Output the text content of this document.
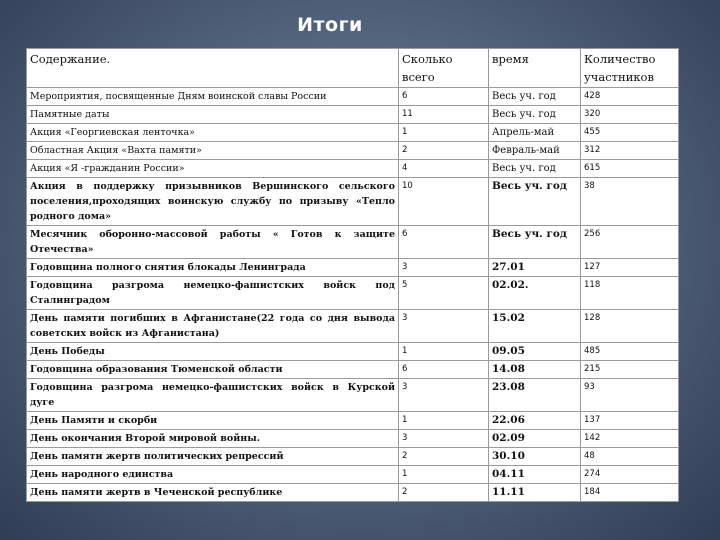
Итоги
Содержание.	Сколько всего	время	Количество участников
Мероприятия, посвященные Дням воинской славы России	6	Весь уч. год	428
Памятные даты	11	Весь уч. год	320
Акция «Георгиевская ленточка»	1	Апрель-май	455
Областная Акция «Вахта памяти»	2	Февраль-май	312
Акция «Я -гражданин России»	4	Весь уч. год	615
Акция в поддержку призывников Вершинского сельского поселения,проходящих воинскую службу по призыву «Тепло родного дома»	10	Весь уч. год	38
Месячник оборонно-массовой работы « Готов к защите Отечества»	6	Весь уч. год	256
Годовщина полного снятия блокады Ленинграда	3	27.01	127
Годовщина разгрома немецко-фашистских войск под Сталинградом	5	02.02.	118
День памяти погибших в Афганистане(22 года со дня вывода советских войск из Афганистана)	3	15.02	128
День Победы	1	09.05	485
Годовщина образования Тюменской области	6	14.08	215
Годовщина разгрома немецко-фашистских войск в Курской дуге	3	23.08	93
День Памяти и скорби	1	22.06	137
День окончания Второй мировой войны.	3	02.09	142
День памяти жертв политических репрессий	2	30.10	48
День народного единства	1	04.11	274
День памяти жертв в Чеченской республике	2	11.11	184
